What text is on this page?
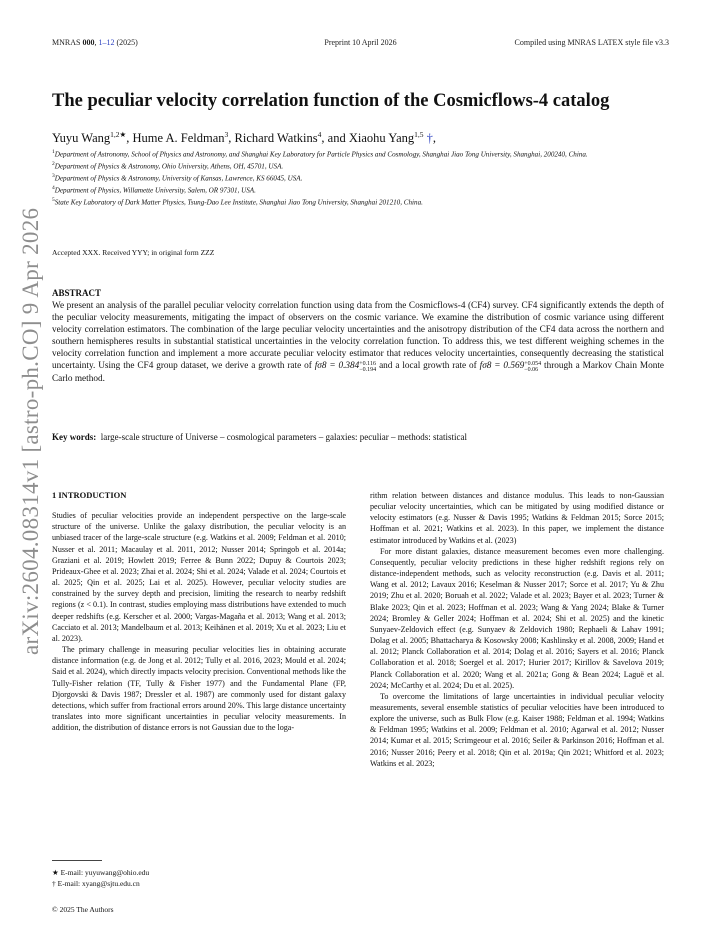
MNRAS 000, 1–12 (2025)	Preprint 10 April 2026	Compiled using MNRAS LATEX style file v3.3
arXiv:2604.08314v1 [astro-ph.CO] 9 Apr 2026
The peculiar velocity correlation function of the Cosmicflows-4 catalog
Yuyu Wang$^{1,2★}$, Hume A. Feldman$^3$, Richard Watkins$^4$, and Xiaohu Yang$^{1,5}$ †,
$^1$Department of Astronomy, School of Physics and Astronomy, and Shanghai Key Laboratory for Particle Physics and Cosmology, Shanghai Jiao Tong University, Shanghai, 200240, China.
$^2$Department of Physics & Astronomy, Ohio University, Athens, OH, 45701, USA.
$^3$Department of Physics & Astronomy, University of Kansas, Lawrence, KS 66045, USA.
$^4$Department of Physics, Willamette University, Salem, OR 97301, USA.
$^5$State Key Laboratory of Dark Matter Physics, Tsung-Dao Lee Institute, Shanghai Jiao Tong University, Shanghai 201210, China.
Accepted XXX. Received YYY; in original form ZZZ
ABSTRACT
We present an analysis of the parallel peculiar velocity correlation function using data from the Cosmicflows-4 (CF4) survey. CF4 significantly extends the depth of the peculiar velocity measurements, mitigating the impact of observers on the cosmic variance. We examine the distribution of cosmic variance using different velocity correlation estimators. The combination of the large peculiar velocity uncertainties and the anisotropy distribution of the CF4 data across the northern and southern hemispheres results in substantial statistical uncertainties in the velocity correlation function. To address this, we test different weighing schemes in the velocity correlation function and implement a more accurate peculiar velocity estimator that reduces velocity uncertainties, consequently decreasing the statistical uncertainty. Using the CF4 group dataset, we derive a growth rate of fσ8 = 0.384 +0.116
−0.194 and a local growth rate of fσ8 = 0.569 +0.054
−0.06 through a Markov Chain Monte Carlo method.
Key words: large-scale structure of Universe – cosmological parameters – galaxies: peculiar – methods: statistical

1 INTRODUCTION

Studies of peculiar velocities provide an independent perspective on the large-scale structure of the universe. Unlike the galaxy distribution, the peculiar velocity is an unbiased tracer of the large-scale structure (e.g. Watkins et al. 2009; Feldman et al. 2010; Nusser et al. 2011; Macaulay et al. 2011, 2012; Nusser 2014; Springob et al. 2014a; Graziani et al. 2019; Howlett 2019; Ferree & Bunn 2022; Dupuy & Courtois 2023; Prideaux-Ghee et al. 2023; Zhai et al. 2024; Shi et al. 2024; Valade et al. 2024; Courtois et al. 2025; Qin et al. 2025; Lai et al. 2025). However, peculiar velocity studies are constrained by the survey depth and precision, limiting the research to nearby redshift regions (z < 0.1). In contrast, studies employing mass distributions have extended to much deeper redshifts (e.g. Kerscher et al. 2000; Vargas-Magaña et al. 2013; Wang et al. 2013; Cacciato et al. 2013; Mandelbaum et al. 2013; Keihänen et al. 2019; Xu et al. 2023; Liu et al. 2023).

The primary challenge in measuring peculiar velocities lies in obtaining accurate distance information (e.g. de Jong et al. 2012; Tully et al. 2016, 2023; Mould et al. 2024; Said et al. 2024), which directly impacts velocity precision. Conventional methods like the Tully-Fisher relation (TF, Tully & Fisher 1977) and the Fundamental Plane (FP, Djorgovski & Davis 1987; Dressler et al. 1987) are commonly used for distant galaxy detections, which suffer from fractional errors around 20%. This large distance uncertainty translates into more significant uncertainties in peculiar velocity measurements. In addition, the distribution of distance errors is not Gaussian due to the loga-

rithm relation between distances and distance modulus. This leads to non-Gaussian peculiar velocity uncertainties, which can be mitigated by using modified distance or velocity estimators (e.g. Nusser & Davis 1995; Watkins & Feldman 2015; Sorce 2015; Hoffman et al. 2021; Watkins et al. 2023). In this paper, we implement the distance estimator introduced by Watkins et al. (2023)

For more distant galaxies, distance measurement becomes even more challenging. Consequently, peculiar velocity predictions in these higher redshift regions rely on distance-independent methods, such as velocity reconstruction (e.g. Davis et al. 2011; Wang et al. 2012; Lavaux 2016; Keselman & Nusser 2017; Sorce et al. 2017; Yu & Zhu 2019; Zhu et al. 2020; Boruah et al. 2022; Valade et al. 2023; Bayer et al. 2023; Turner & Blake 2023; Qin et al. 2023; Hoffman et al. 2023; Wang & Yang 2024; Blake & Turner 2024; Bromley & Geller 2024; Hoffman et al. 2024; Shi et al. 2025) and the kinetic Sunyaev-Zeldovich effect (e.g. Sunyaev & Zeldovich 1980; Rephaeli & Lahav 1991; Dolag et al. 2005; Bhattacharya & Kosowsky 2008; Kashlinsky et al. 2008, 2009; Hand et al. 2012; Planck Collaboration et al. 2014; Dolag et al. 2016; Sayers et al. 2016; Planck Collaboration et al. 2018; Soergel et al. 2017; Hurier 2017; Kirillov & Savelova 2019; Planck Collaboration et al. 2020; Wang et al. 2021a; Gong & Bean 2024; Laguë et al. 2024; McCarthy et al. 2024; Du et al. 2025).

To overcome the limitations of large uncertainties in individual peculiar velocity measurements, several ensemble statistics of peculiar velocities have been introduced to explore the universe, such as Bulk Flow (e.g. Kaiser 1988; Feldman et al. 1994; Watkins & Feldman 1995; Watkins et al. 2009; Feldman et al. 2010; Agarwal et al. 2012; Nusser 2014; Kumar et al. 2015; Scrimgeour et al. 2016; Seiler & Parkinson 2016; Hoffman et al. 2016; Nusser 2016; Peery et al. 2018; Qin et al. 2019a; Qin 2021; Whitford et al. 2023; Watkins et al. 2023;

★ E-mail: yuyuwang@ohio.edu
† E-mail: xyang@sjtu.edu.cn
© 2025 The Authors
